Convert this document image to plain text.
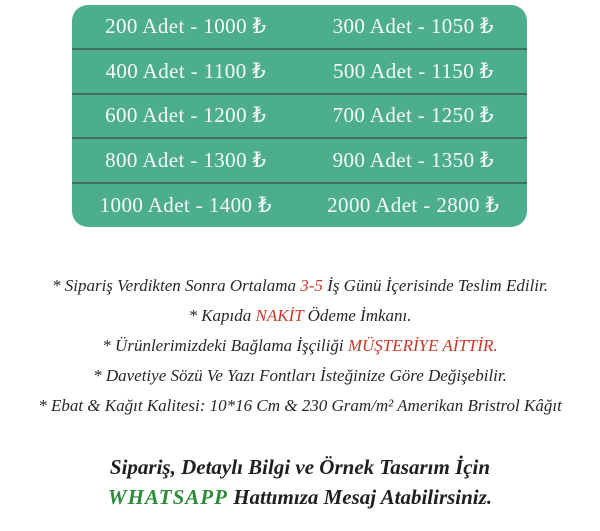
200 Adet - 1000 ₺	300 Adet - 1050 ₺
400 Adet - 1100 ₺	500 Adet - 1150 ₺
600 Adet - 1200 ₺	700 Adet - 1250 ₺
800 Adet - 1300 ₺	900 Adet - 1350 ₺
1000 Adet - 1400 ₺	2000 Adet - 2800 ₺

* Sipariş Verdikten Sonra Ortalama 3-5 İş Günü İçerisinde Teslim Edilir.

* Kapıda NAKİT Ödeme İmkanı.

* Ürünlerimizdeki Bağlama İşçiliği MÜŞTERİYE AİTTİR.

* Davetiye Sözü Ve Yazı Fontları İsteğinize Göre Değişebilir.

* Ebat & Kağıt Kalitesi: 10*16 Cm & 230 Gram/m² Amerikan Bristrol Kâğıt

Sipariş, Detaylı Bilgi ve Örnek Tasarım İçin

WHATSAPP Hattımıza Mesaj Atabilirsiniz.
